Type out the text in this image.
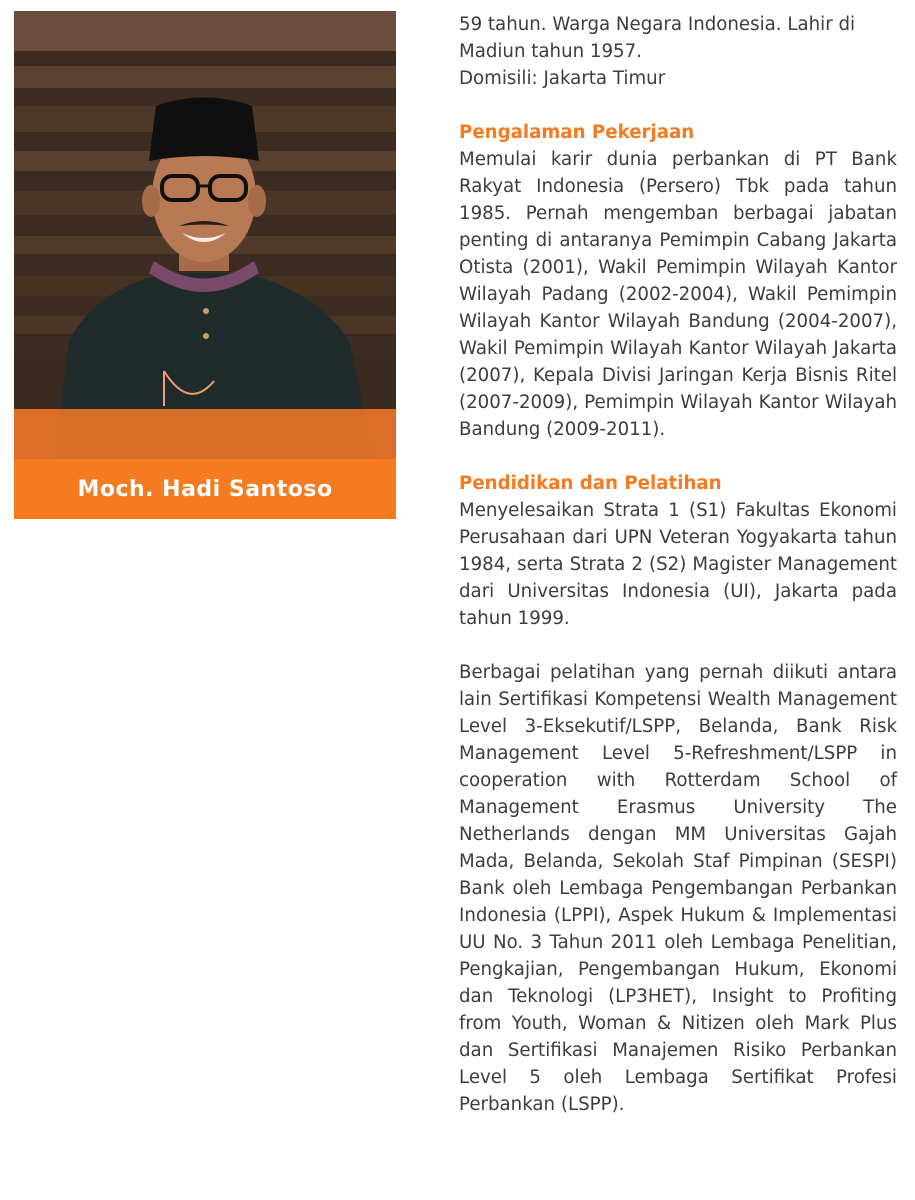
Moch. Hadi Santoso

59 tahun. Warga Negara Indonesia. Lahir di

Madiun tahun 1957.

Domisili: Jakarta Timur

Pengalaman Pekerjaan

Memulai karir dunia perbankan di PT Bank Rakyat Indonesia (Persero) Tbk pada tahun 1985. Pernah mengemban berbagai jabatan penting di antaranya Pemimpin Cabang Jakarta Otista (2001), Wakil Pemimpin Wilayah Kantor Wilayah Padang (2002-2004), Wakil Pemimpin Wilayah Kantor Wilayah Bandung (2004-2007), Wakil Pemimpin Wilayah Kantor Wilayah Jakarta (2007), Kepala Divisi Jaringan Kerja Bisnis Ritel (2007-2009), Pemimpin Wilayah Kantor Wilayah Bandung (2009-2011).

Pendidikan dan Pelatihan

Menyelesaikan Strata 1 (S1) Fakultas Ekonomi Perusahaan dari UPN Veteran Yogyakarta tahun 1984, serta Strata 2 (S2) Magister Management dari Universitas Indonesia (UI), Jakarta pada tahun 1999.

Berbagai pelatihan yang pernah diikuti antara lain Sertifikasi Kompetensi Wealth Management Level 3-Eksekutif/LSPP, Belanda, Bank Risk Management Level 5-Refreshment/LSPP in cooperation with Rotterdam School of Management Erasmus University The Netherlands dengan MM Universitas Gajah Mada, Belanda, Sekolah Staf Pimpinan (SESPI) Bank oleh Lembaga Pengembangan Perbankan Indonesia (LPPI), Aspek Hukum & Implementasi UU No. 3 Tahun 2011 oleh Lembaga Penelitian, Pengkajian, Pengembangan Hukum, Ekonomi dan Teknologi (LP3HET), Insight to Profiting from Youth, Woman & Nitizen oleh Mark Plus dan Sertifikasi Manajemen Risiko Perbankan Level 5 oleh Lembaga Sertifikat Profesi Perbankan (LSPP).
